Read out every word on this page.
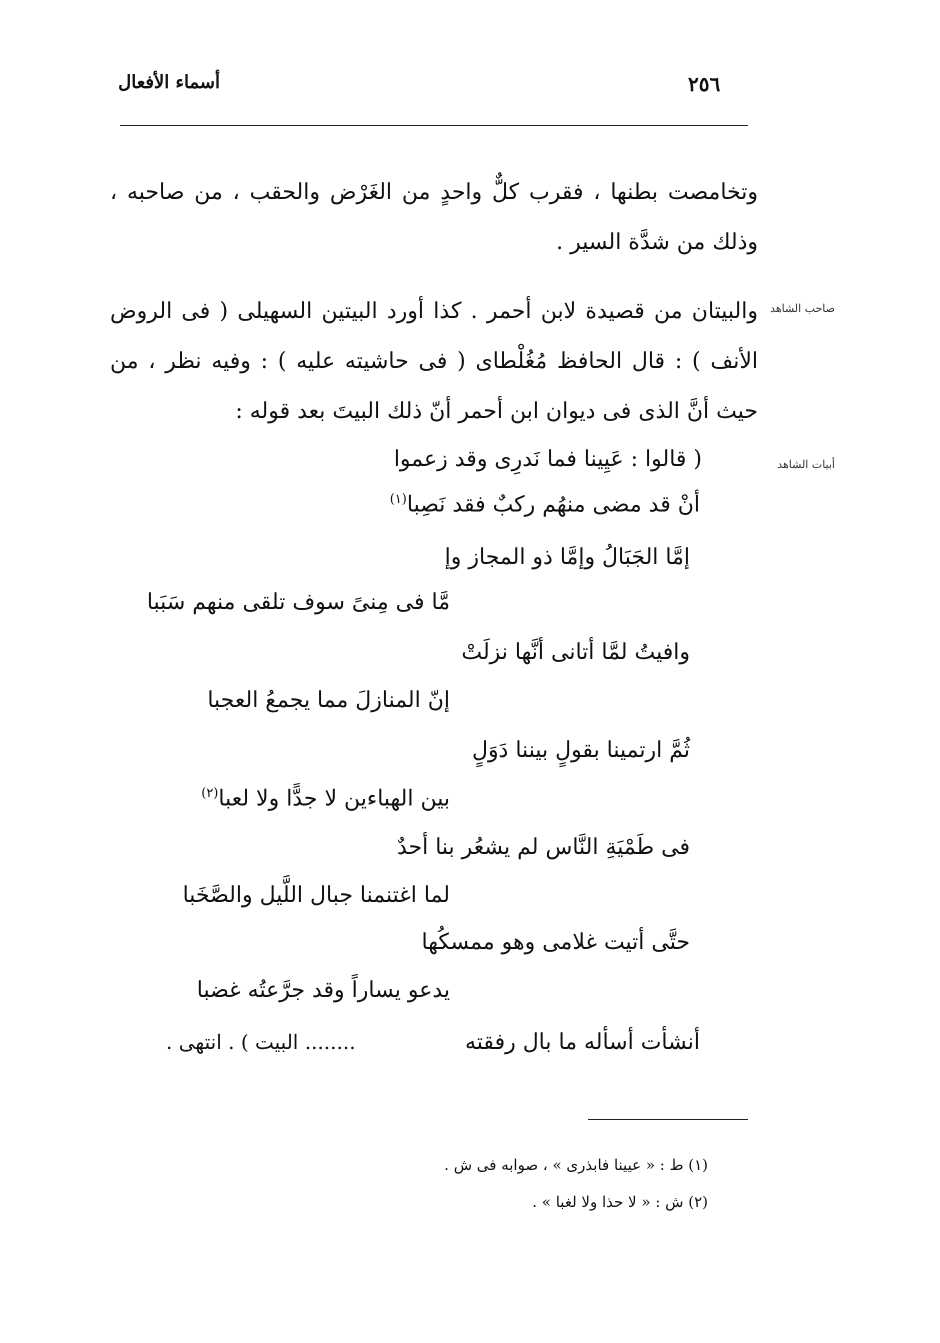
أسماء الأفعال	٢٥٦
صاحب الشاهد
أبيات الشاهد
وتخامصت بطنها ، فقرب كلٌّ واحدٍ من الغَرْض والحقب ، من صاحبه ، وذلك من شدَّة السير .
والبيتان من قصيدة لابن أحمر . كذا أورد البيتين السهيلى ( فى الروض الأنف ) : قال الحافظ مُغُلْطاى ( فى حاشيته عليه ) : وفيه نظر ، من حيث أنَّ الذى فى ديوان ابن أحمر أنّ ذلك البيتَ بعد قوله :
( قالوا : عَيِينا فما نَدرِى وقد زعموا
أنْ قد مضى منهُم ركبٌ فقد نَصِبا$^{(١)}$
إمَّا الجَبَالُ وإمَّا ذو المجاز وإ
مَّا فى مِنىً سوف تلقى منهم سَبَبا
وافيتُ لمَّا أتانى أنَّها نزلَتْ
إنّ المنازلَ مما يجمعُ العجبا
ثُمَّ ارتمينا بقولٍ بيننا دَوَلٍ
بين الهباءين لا جدًّا ولا لعبا$^{(٢)}$
فى طَمْيَةِ النَّاس لم يشعُر بنا أحدٌ
لما اغتنمنا جبال اللَّيل والصَّخَبا
حتَّى أتيت غلامى وهو ممسكُها
يدعو يساراً وقد جرَّعتُه غضبا
أنشأت أسأله ما بال رفقته
........ البيت ) . انتهى .
(١) ط : « عيينا فابذرى » ، صوابه فى ش .
(٢) ش : « لا حذا ولا لغبا » .
